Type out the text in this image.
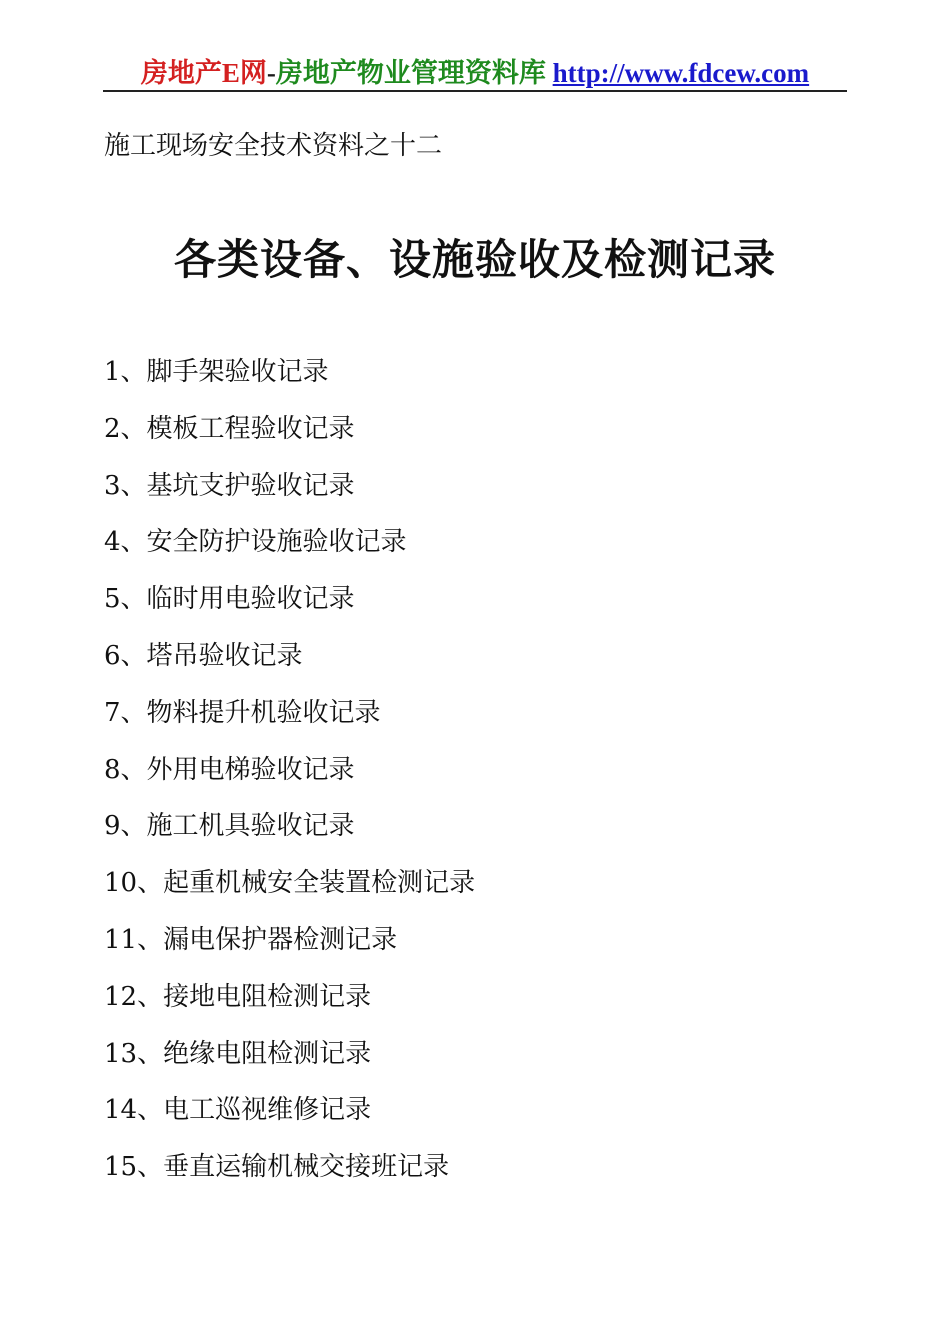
房地产E网-房地产物业管理资料库 http://www.fdcew.com
施工现场安全技术资料之十二
各类设备、设施验收及检测记录
1、脚手架验收记录
2、模板工程验收记录
3、基坑支护验收记录
4、安全防护设施验收记录
5、临时用电验收记录
6、塔吊验收记录
7、物料提升机验收记录
8、外用电梯验收记录
9、施工机具验收记录
10、起重机械安全装置检测记录
11、漏电保护器检测记录
12、接地电阻检测记录
13、绝缘电阻检测记录
14、电工巡视维修记录
15、垂直运输机械交接班记录
